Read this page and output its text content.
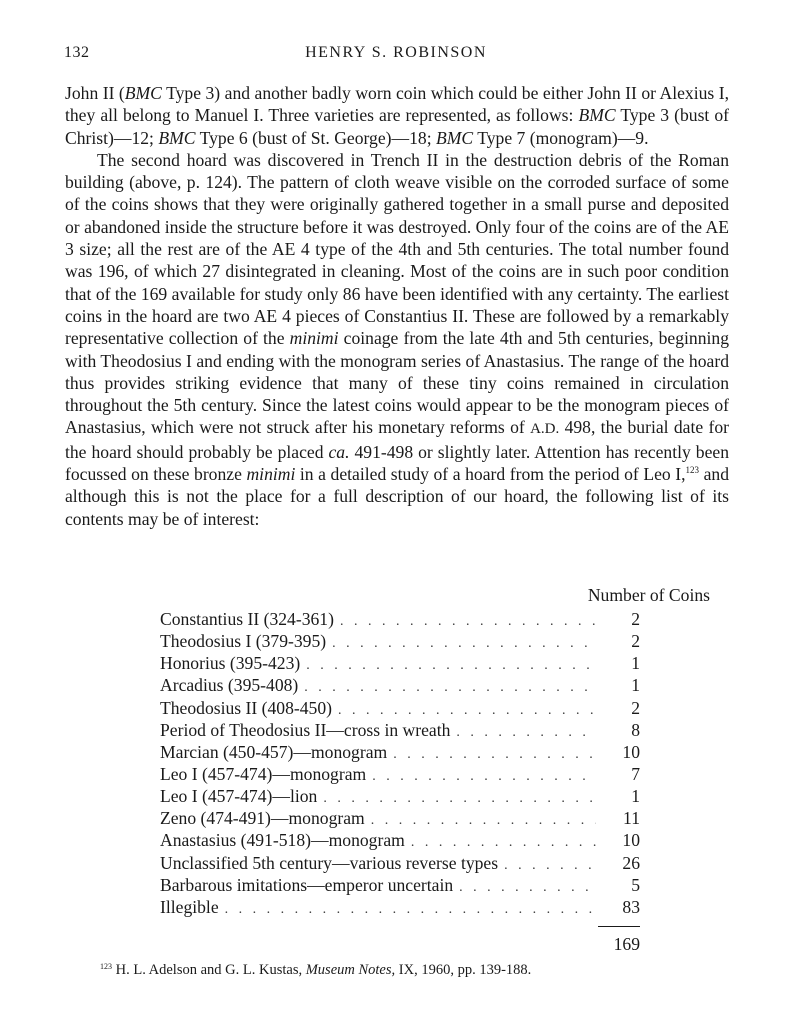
132	HENRY S. ROBINSON

John II (BMC Type 3) and another badly worn coin which could be either John II or Alexius I, they all belong to Manuel I. Three varieties are represented, as follows: BMC Type 3 (bust of Christ)—12; BMC Type 6 (bust of St. George)—18; BMC Type 7 (monogram)—9.

The second hoard was discovered in Trench II in the destruction debris of the Roman building (above, p. 124). The pattern of cloth weave visible on the corroded surface of some of the coins shows that they were originally gathered together in a small purse and deposited or abandoned inside the structure before it was destroyed. Only four of the coins are of the AE 3 size; all the rest are of the AE 4 type of the 4th and 5th centuries. The total number found was 196, of which 27 disintegrated in cleaning. Most of the coins are in such poor condition that of the 169 available for study only 86 have been identified with any certainty. The earliest coins in the hoard are two AE 4 pieces of Constantius II. These are followed by a remarkably representative collection of the minimi coinage from the late 4th and 5th centuries, beginning with Theodosius I and ending with the monogram series of Anastasius. The range of the hoard thus provides striking evidence that many of these tiny coins remained in circulation throughout the 5th century. Since the latest coins would appear to be the monogram pieces of Anastasius, which were not struck after his monetary reforms of A.D. 498, the burial date for the hoard should probably be placed ca. 491-498 or slightly later. Attention has recently been focussed on these bronze minimi in a detailed study of a hoard from the period of Leo I,$^{123}$ and although this is not the place for a full description of our hoard, the following list of its contents may be of interest:

Number of Coins
Constantius II (324-361) . . .	2
Theodosius I (379-395) . . .	2
Honorius (395-423) . . .	1
Arcadius (395-408) . . .	1
Theodosius II (408-450) . . .	2
Period of Theodosius II—cross in wreath . . .	8
Marcian (450-457)—monogram . . .	10
Leo I (457-474)—monogram . . .	7
Leo I (457-474)—lion . . .	1
Zeno (474-491)—monogram . . .	11
Anastasius (491-518)—monogram . . .	10
Unclassified 5th century—various reverse types . . .	26
Barbarous imitations—emperor uncertain . . .	5
Illegible . . .	83
169
$^{123}$ H. L. Adelson and G. L. Kustas, Museum Notes, IX, 1960, pp. 139-188.
